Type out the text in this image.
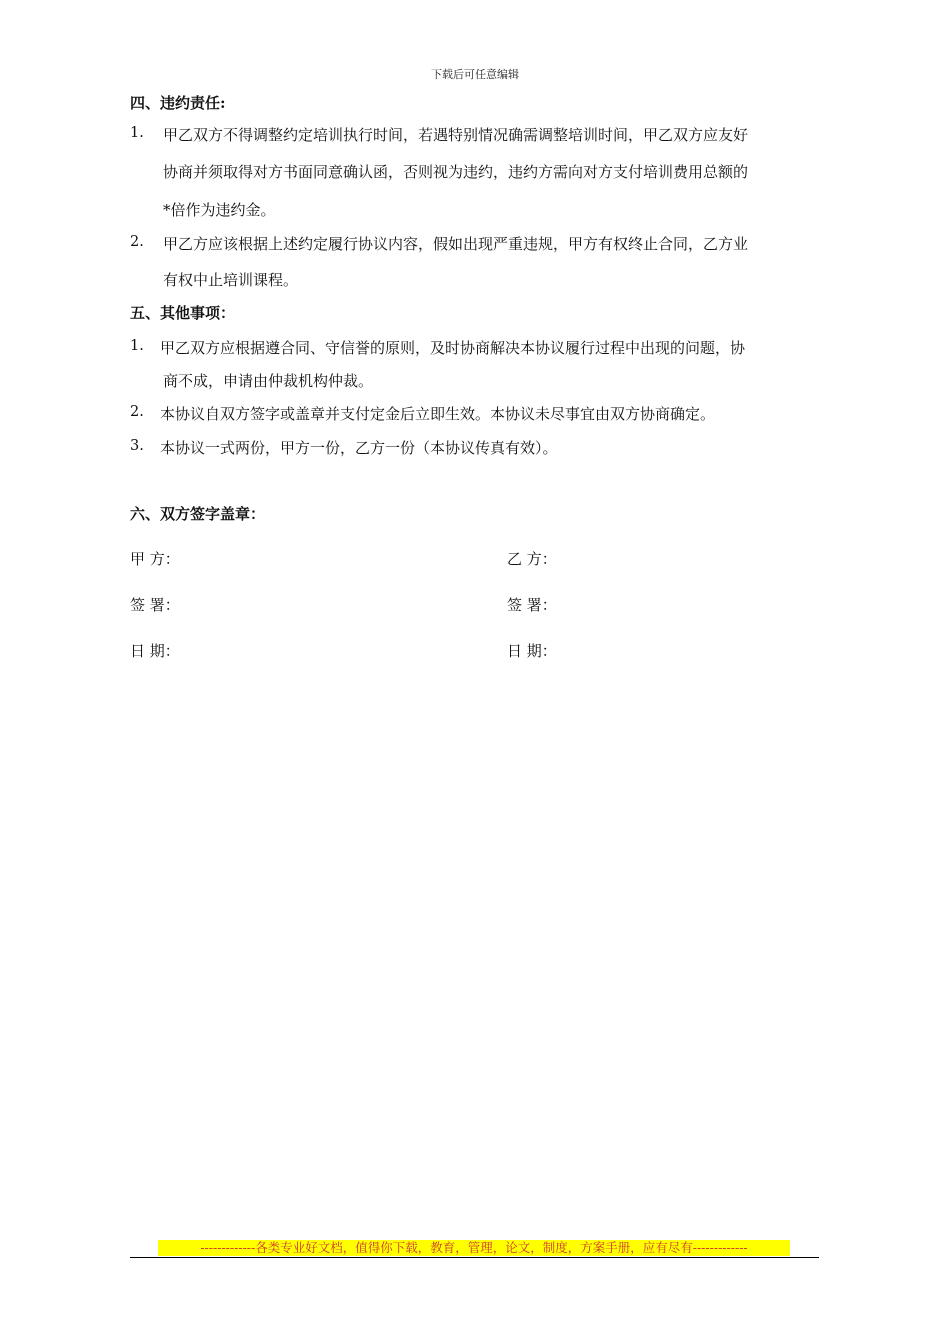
下载后可任意编辑
四、违约责任:
1. 甲乙双方不得调整约定培训执行时间，若遇特别情况确需调整培训时间，甲乙双方应友好
协商并须取得对方书面同意确认函，否则视为违约，违约方需向对方支付培训费用总额的
*倍作为违约金。
2. 甲乙方应该根据上述约定履行协议内容，假如出现严重违规，甲方有权终止合同，乙方业
有权中止培训课程。
五、其他事项：
1. 甲乙双方应根据遵合同、守信誉的原则，及时协商解决本协议履行过程中出现的问题，协
商不成，申请由仲裁机构仲裁。
2. 本协议自双方签字或盖章并支付定金后立即生效。本协议未尽事宜由双方协商确定。
3. 本协议一式两份，甲方一份，乙方一份（本协议传真有效）。
六、双方签字盖章：
甲 方：	乙 方：
签 署：	签 署：
日 期：	日 期：
-------------各类专业好文档，值得你下载，教育，管理，论文，制度，方案手册，应有尽有-------------
